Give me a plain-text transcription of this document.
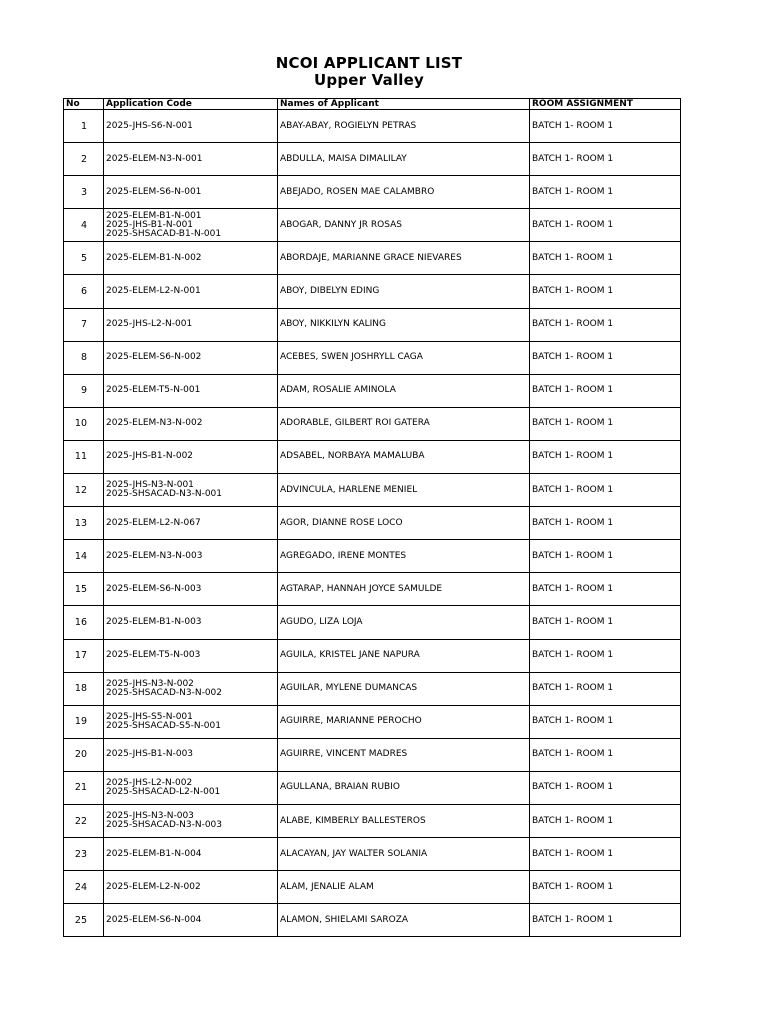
NCOI APPLICANT LIST
Upper Valley
No	Application Code	Names of Applicant	ROOM ASSIGNMENT
1	2025-JHS-S6-N-001	ABAY-ABAY, ROGIELYN PETRAS	BATCH 1- ROOM 1
2	2025-ELEM-N3-N-001	ABDULLA, MAISA DIMALILAY	BATCH 1- ROOM 1
3	2025-ELEM-S6-N-001	ABEJADO, ROSEN MAE CALAMBRO	BATCH 1- ROOM 1
4	2025-ELEM-B1-N-001
2025-JHS-B1-N-001
2025-SHSACAD-B1-N-001	ABOGAR, DANNY JR ROSAS	BATCH 1- ROOM 1
5	2025-ELEM-B1-N-002	ABORDAJE, MARIANNE GRACE NIEVARES	BATCH 1- ROOM 1
6	2025-ELEM-L2-N-001	ABOY, DIBELYN EDING	BATCH 1- ROOM 1
7	2025-JHS-L2-N-001	ABOY, NIKKILYN KALING	BATCH 1- ROOM 1
8	2025-ELEM-S6-N-002	ACEBES, SWEN JOSHRYLL CAGA	BATCH 1- ROOM 1
9	2025-ELEM-T5-N-001	ADAM, ROSALIE AMINOLA	BATCH 1- ROOM 1
10	2025-ELEM-N3-N-002	ADORABLE, GILBERT ROI GATERA	BATCH 1- ROOM 1
11	2025-JHS-B1-N-002	ADSABEL, NORBAYA MAMALUBA	BATCH 1- ROOM 1
12	2025-JHS-N3-N-001
2025-SHSACAD-N3-N-001	ADVINCULA, HARLENE MENIEL	BATCH 1- ROOM 1
13	2025-ELEM-L2-N-067	AGOR, DIANNE ROSE LOCO	BATCH 1- ROOM 1
14	2025-ELEM-N3-N-003	AGREGADO, IRENE MONTES	BATCH 1- ROOM 1
15	2025-ELEM-S6-N-003	AGTARAP, HANNAH JOYCE SAMULDE	BATCH 1- ROOM 1
16	2025-ELEM-B1-N-003	AGUDO, LIZA LOJA	BATCH 1- ROOM 1
17	2025-ELEM-T5-N-003	AGUILA, KRISTEL JANE NAPURA	BATCH 1- ROOM 1
18	2025-JHS-N3-N-002
2025-SHSACAD-N3-N-002	AGUILAR, MYLENE DUMANCAS	BATCH 1- ROOM 1
19	2025-JHS-S5-N-001
2025-SHSACAD-S5-N-001	AGUIRRE, MARIANNE PEROCHO	BATCH 1- ROOM 1
20	2025-JHS-B1-N-003	AGUIRRE, VINCENT MADRES	BATCH 1- ROOM 1
21	2025-JHS-L2-N-002
2025-SHSACAD-L2-N-001	AGULLANA, BRAIAN RUBIO	BATCH 1- ROOM 1
22	2025-JHS-N3-N-003
2025-SHSACAD-N3-N-003	ALABE, KIMBERLY BALLESTEROS	BATCH 1- ROOM 1
23	2025-ELEM-B1-N-004	ALACAYAN, JAY WALTER SOLANIA	BATCH 1- ROOM 1
24	2025-ELEM-L2-N-002	ALAM, JENALIE ALAM	BATCH 1- ROOM 1
25	2025-ELEM-S6-N-004	ALAMON, SHIELAMI SAROZA	BATCH 1- ROOM 1
